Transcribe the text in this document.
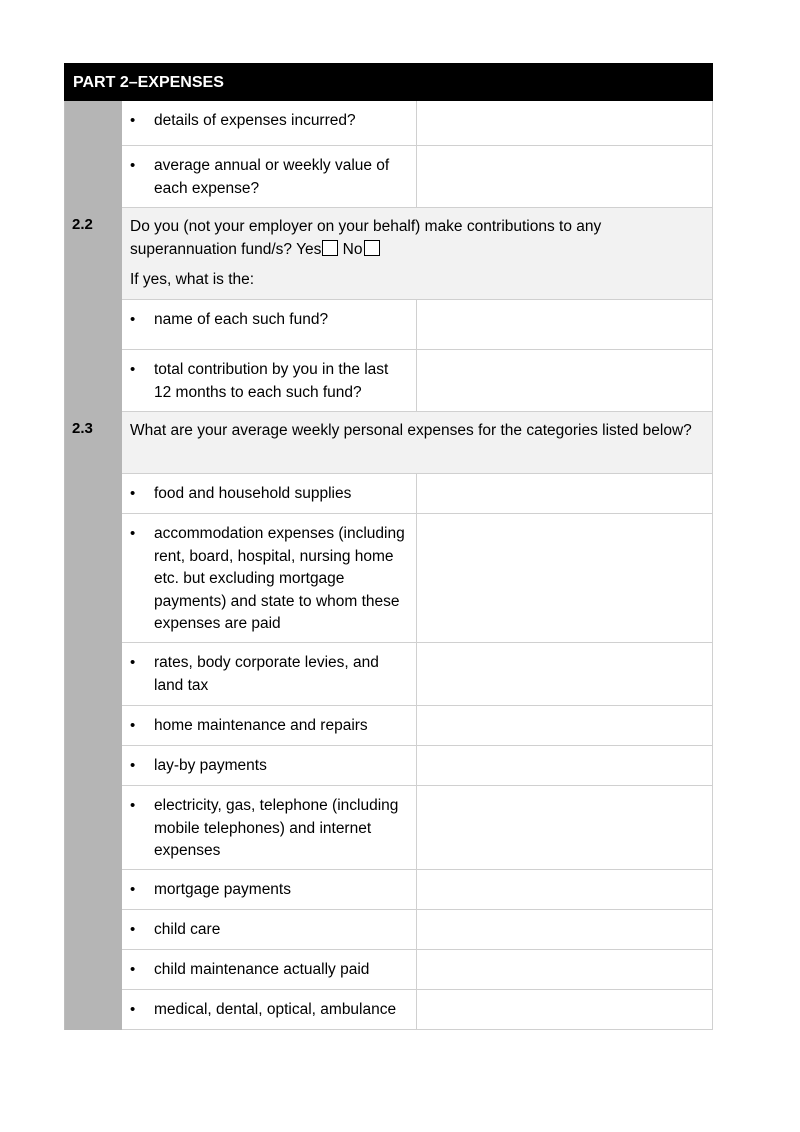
PART 2–EXPENSES
•
details of expenses incurred?
•
average annual or weekly value of each expense?
2.2	Do you (not your employer on your behalf) make contributions to any superannuation fund/s? Yes No

If yes, what is the:

•
name of each such fund?
•
total contribution by you in the last 12 months to each such fund?
2.3	What are your average weekly personal expenses for the categories listed below?

•
food and household supplies
•
accommodation expenses (including rent, board, hospital, nursing home etc. but excluding mortgage payments) and state to whom these expenses are paid
•
rates, body corporate levies, and land tax
•
home maintenance and repairs
•
lay-by payments
•
electricity, gas, telephone (including mobile telephones) and internet expenses
•
mortgage payments
•
child care
•
child maintenance actually paid
•
medical, dental, optical, ambulance
